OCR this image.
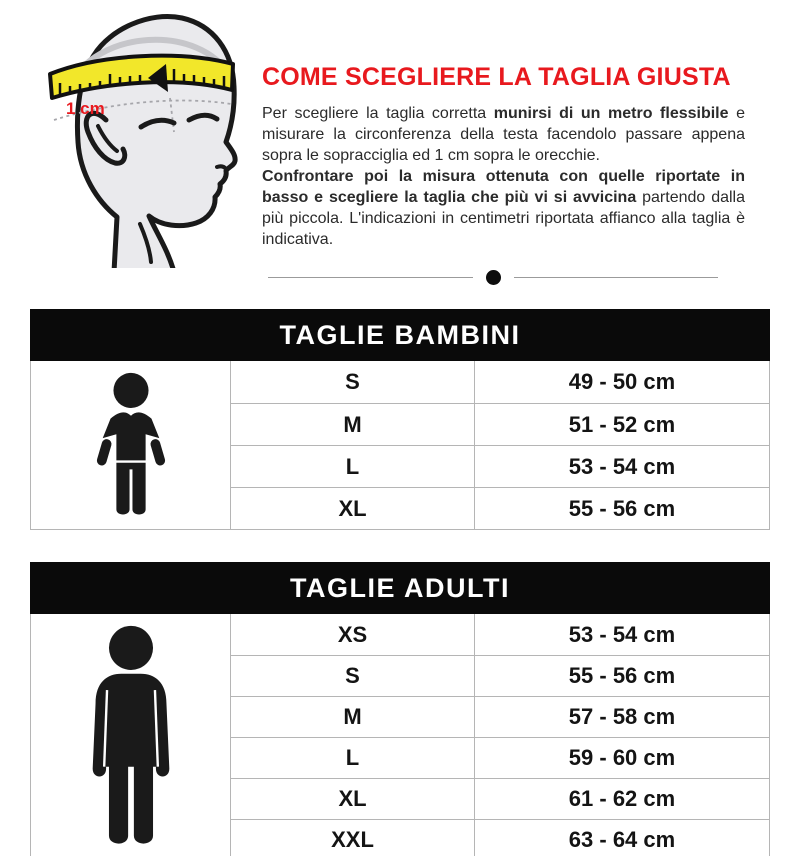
1 cm
COME SCEGLIERE LA TAGLIA GIUSTA

Per scegliere la taglia corretta munirsi di un metro flessibile e misurare la circonferenza della testa facendolo passare appena sopra le sopracciglia ed 1 cm sopra le orecchie.
Confrontare poi la misura ottenuta con quelle riportate in basso e scegliere la taglia che più vi si avvicina partendo dalla più piccola. L'indicazioni in centimetri riportata affianco alla taglia è indicativa.

TAGLIE BAMBINI
S	49 - 50 cm
M	51 - 52 cm
L	53 - 54 cm
XL	55 - 56 cm
TAGLIE ADULTI
XS	53 - 54 cm
S	55 - 56 cm
M	57 - 58 cm
L	59 - 60 cm
XL	61 - 62 cm
XXL	63 - 64 cm
